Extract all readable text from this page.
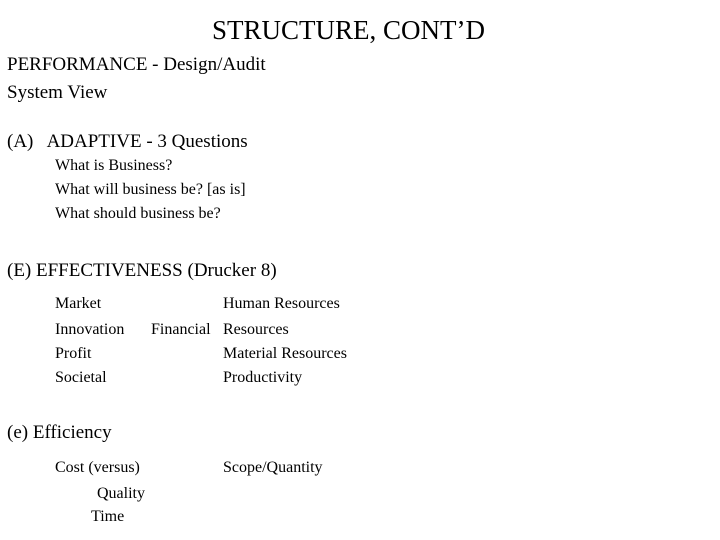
STRUCTURE, CONT’D
PERFORMANCE - Design/Audit
System View
(A)   ADAPTIVE - 3 Questions
What is Business?
What will business be? [as is]
What should business be?
(E) EFFECTIVENESS (Drucker 8)
Market
Innovation
Profit
Societal
Human Resources
Financial Resources
Material Resources
Productivity
(e) Efficiency
Cost (versus)	Scope/Quantity
Quality
Time
